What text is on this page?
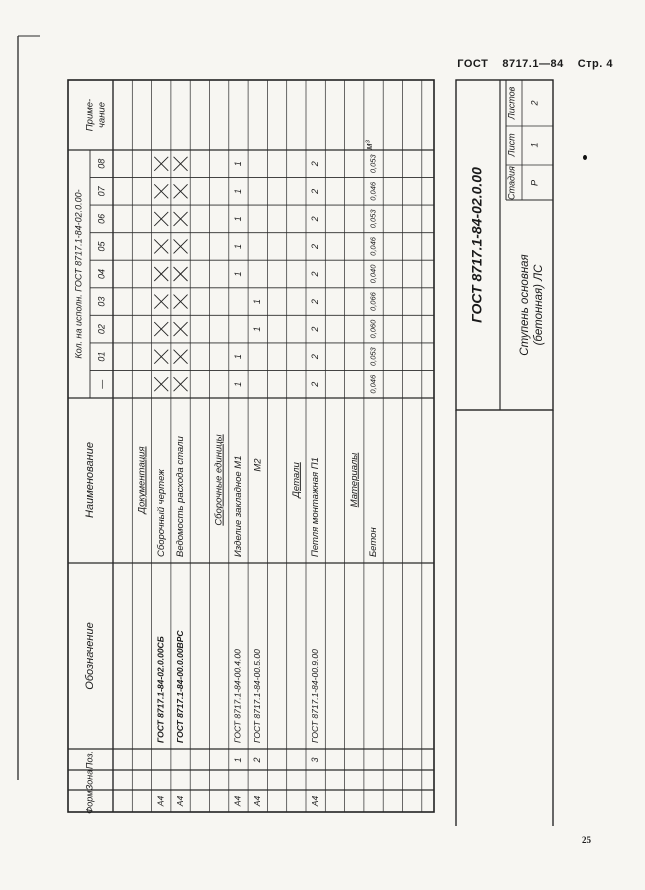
ГОСТ 8717.1—84 Стр. 4
Форм.
Зона
Поз.
Обозначение
Наименование
Кол. на исполн. ГОСТ 8717.1-84-02.0.00-
—
01
02
03
04
05
06
07
08
Приме- чание
Документация
А4
ГОСТ 8717.1-84-02.0.00СБ
Сборочный чертеж
А4
ГОСТ 8717.1-84-00.0.00ВРС
Ведомость расхода стали	Сборочные единицы
А4
1
ГОСТ 8717.1-84-00.4.00
Изделие закладное М1
1
1
1
1
1
1
1
А4
2
ГОСТ 8717.1-84-00.5.00
М2
1
1
Детали
А4
3
ГОСТ 8717.1-84-00.9.00
Петля монтажная П1
2
2
2
2
2
2
2
2
2
Материалы
Бетон
0,046
0,053
0,060
0,066
0,040
0,046
0,053
0,046
0,053
м³
ГОСТ 8717.1-84-02.0.00	Ступень основная (бетонная) ЛС
Листов
Лист
Стадия
2
1
Р
25
